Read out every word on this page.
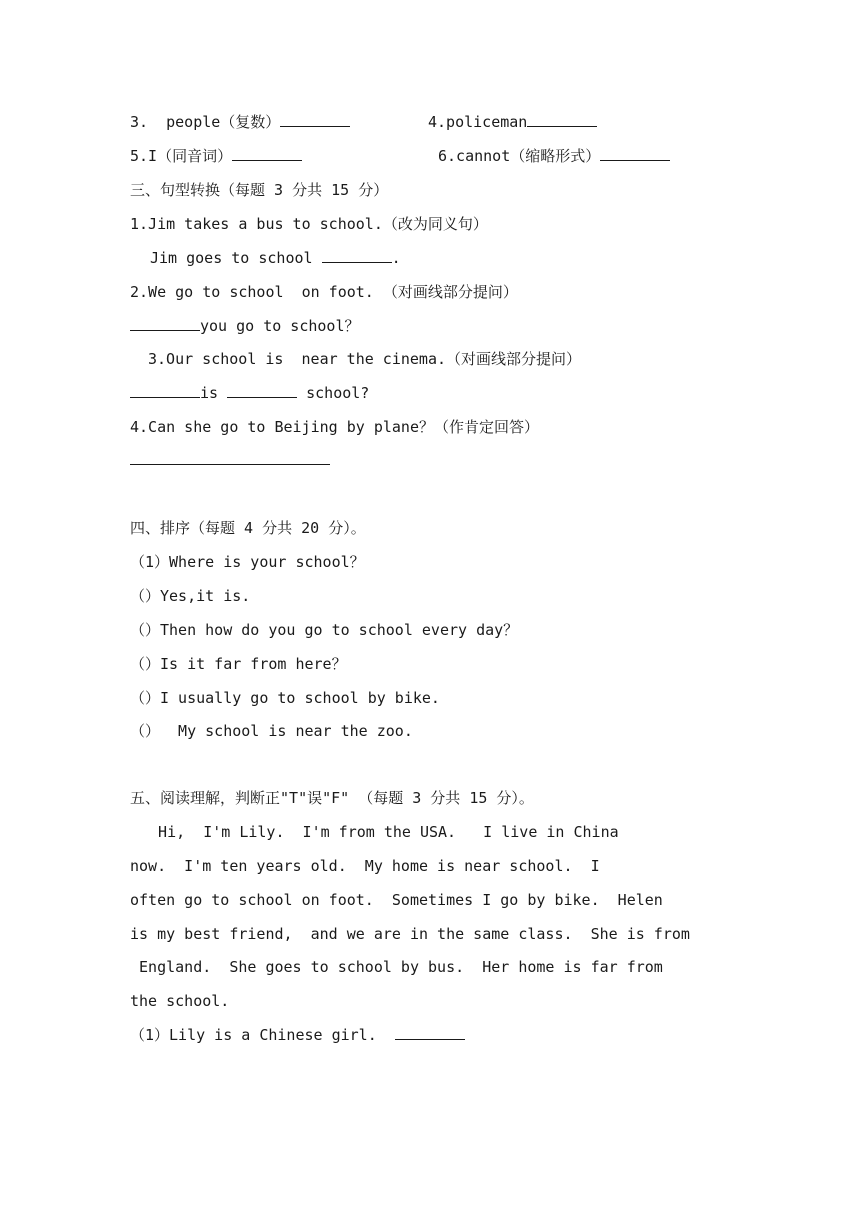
3.  people（复数）	4.policeman
5.I（同音词）	6.cannot（缩略形式）
三、句型转换（每题 3 分共 15 分）
1.Jim takes a bus to school.（改为同义句）
Jim goes to school	.
2.We go to school  on foot. （对画线部分提问）
you go to school？
3.Our school is  near the cinema.（对画线部分提问）
is	school?
4.Can she go to Beijing by plane？（作肯定回答）
四、排序（每题 4 分共 20 分）。
（1）Where is your school？
（）Yes,it is.
（）Then how do you go to school every day？
（）Is it far from here？
（）I usually go to school by bike.
（）  My school is near the zoo.
五、阅读理解，判断正"T"误"F" （每题 3 分共 15 分）。
Hi,  I'm Lily.  I'm from the USA.   I live in China
now.  I'm ten years old.  My home is near school.  I
often go to school on foot.  Sometimes I go by bike.  Helen
is my best friend,  and we are in the same class.  She is from
England.  She goes to school by bus.  Her home is far from
the school.
（1）Lily is a Chinese girl.
